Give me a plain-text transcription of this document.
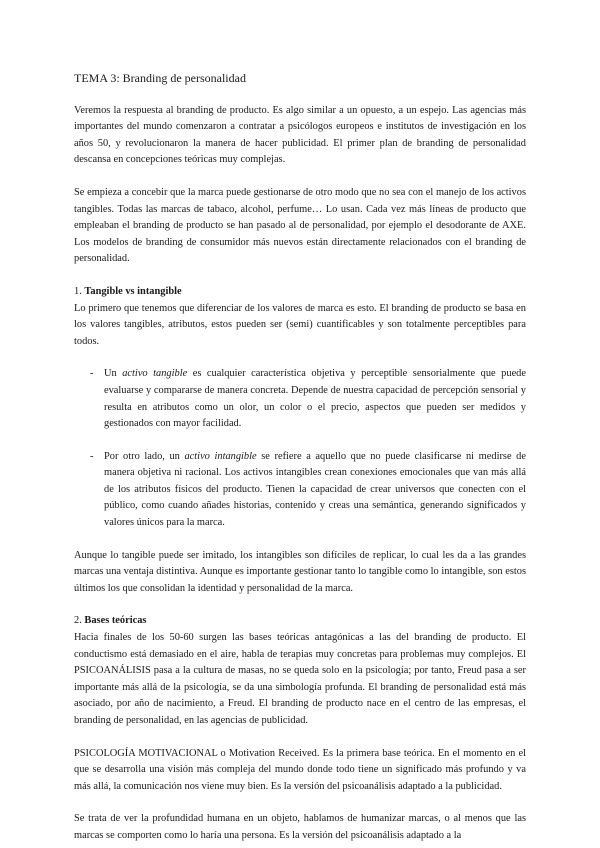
TEMA 3: Branding de personalidad

Veremos la respuesta al branding de producto. Es algo similar a un opuesto, a un espejo. Las agencias más importantes del mundo comenzaron a contratar a psicólogos europeos e institutos de investigación en los años 50, y revolucionaron la manera de hacer publicidad. El primer plan de branding de personalidad descansa en concepciones teóricas muy complejas.

Se empieza a concebir que la marca puede gestionarse de otro modo que no sea con el manejo de los activos tangibles. Todas las marcas de tabaco, alcohol, perfume… Lo usan. Cada vez más líneas de producto que empleaban el branding de producto se han pasado al de personalidad, por ejemplo el desodorante de AXE. Los modelos de branding de consumidor más nuevos están directamente relacionados con el branding de personalidad.

1. Tangible vs intangible

Lo primero que tenemos que diferenciar de los valores de marca es esto. El branding de producto se basa en los valores tangibles, atributos, estos pueden ser (semi) cuantificables y son totalmente perceptibles para todos.

- Un activo tangible es cualquier característica objetiva y perceptible sensorialmente que puede evaluarse y compararse de manera concreta. Depende de nuestra capacidad de percepción sensorial y resulta en atributos como un olor, un color o el precio, aspectos que pueden ser medidos y gestionados con mayor facilidad.
- Por otro lado, un activo intangible se refiere a aquello que no puede clasificarse ni medirse de manera objetiva ni racional. Los activos intangibles crean conexiones emocionales que van más allá de los atributos físicos del producto. Tienen la capacidad de crear universos que conecten con el público, como cuando añades historias, contenido y creas una semántica, generando significados y valores únicos para la marca.

Aunque lo tangible puede ser imitado, los intangibles son difíciles de replicar, lo cual les da a las grandes marcas una ventaja distintiva. Aunque es importante gestionar tanto lo tangible como lo intangible, son estos últimos los que consolidan la identidad y personalidad de la marca.

2. Bases teóricas

Hacia finales de los 50-60 surgen las bases teóricas antagónicas a las del branding de producto. El conductismo está demasiado en el aire, habla de terapias muy concretas para problemas muy complejos. El PSICOANÁLISIS pasa a la cultura de masas, no se queda solo en la psicología; por tanto, Freud pasa a ser importante más allá de la psicología, se da una simbología profunda. El branding de personalidad está más asociado, por año de nacimiento, a Freud. El branding de producto nace en el centro de las empresas, el branding de personalidad, en las agencias de publicidad.

PSICOLOGÍA MOTIVACIONAL o Motivation Received. Es la primera base teórica. En el momento en el que se desarrolla una visión más compleja del mundo donde todo tiene un significado más profundo y va más allá, la comunicación nos viene muy bien. Es la versión del psicoanálisis adaptado a la publicidad.

Se trata de ver la profundidad humana en un objeto, hablamos de humanizar marcas, o al menos que las marcas se comporten como lo haría una persona. Es la versión del psicoanálisis adaptado a la
